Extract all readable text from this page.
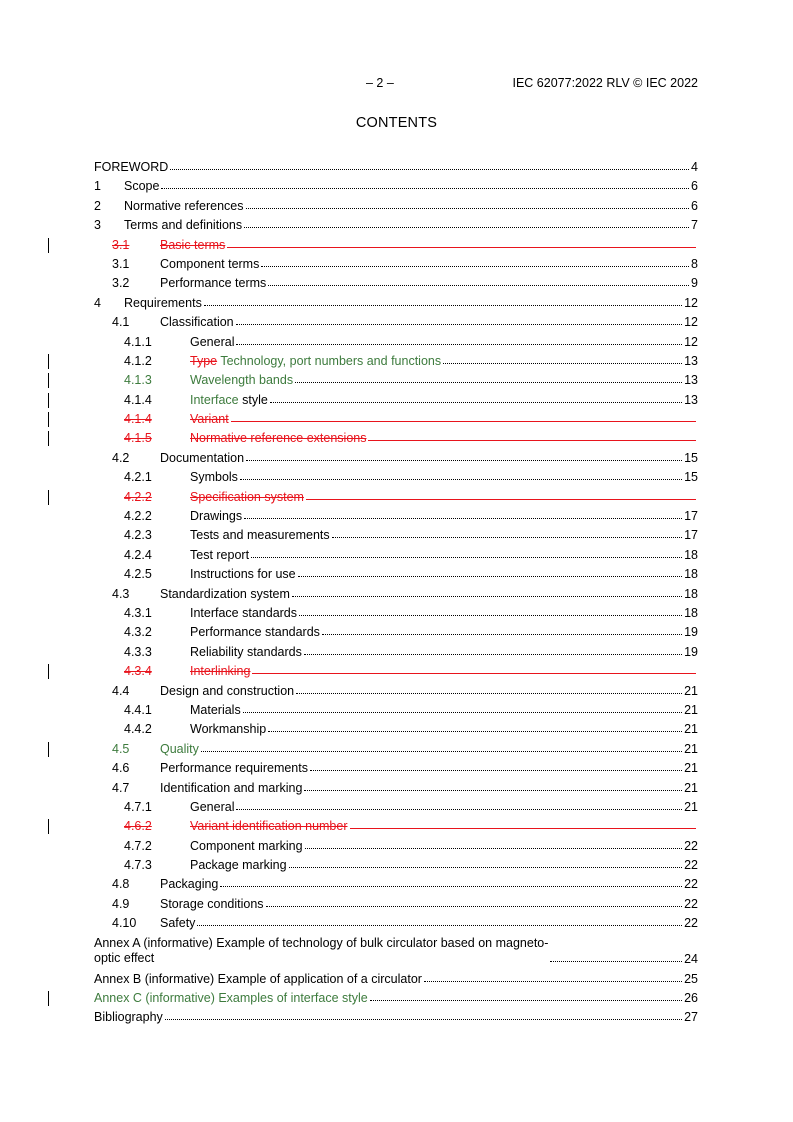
– 2 –	IEC 62077:2022 RLV © IEC 2022
CONTENTS
FOREWORD	4
1 Scope	6
2 Normative references	6
3 Terms and definitions	7
3.1 Basic terms
3.1 Component terms	8
3.2 Performance terms	9
4 Requirements	12
4.1 Classification	12
4.1.1	General	12
4.1.2	Type Technology, port numbers and functions	13
4.1.3	Wavelength bands	13
4.1.4	Interface style	13
4.1.4	Variant
4.1.5	Normative reference extensions
4.2 Documentation	15
4.2.1	Symbols	15
4.2.2	Specification system
4.2.2	Drawings	17
4.2.3	Tests and measurements	17
4.2.4	Test report	18
4.2.5	Instructions for use	18
4.3 Standardization system	18
4.3.1	Interface standards	18
4.3.2	Performance standards	19
4.3.3	Reliability standards	19
4.3.4	Interlinking
4.4 Design and construction	21
4.4.1	Materials	21
4.4.2	Workmanship	21
4.5 Quality	21
4.6 Performance requirements	21
4.7 Identification and marking	21
4.7.1	General	21
4.6.2	Variant identification number
4.7.2	Component marking	22
4.7.3	Package marking	22
4.8 Packaging	22
4.9 Storage conditions	22
4.10 Safety	22
Annex A (informative) Example of technology of bulk circulator based on magneto-
optic effect	24
Annex B (informative) Example of application of a circulator	25
Annex C (informative) Examples of interface style	26
Bibliography	27
